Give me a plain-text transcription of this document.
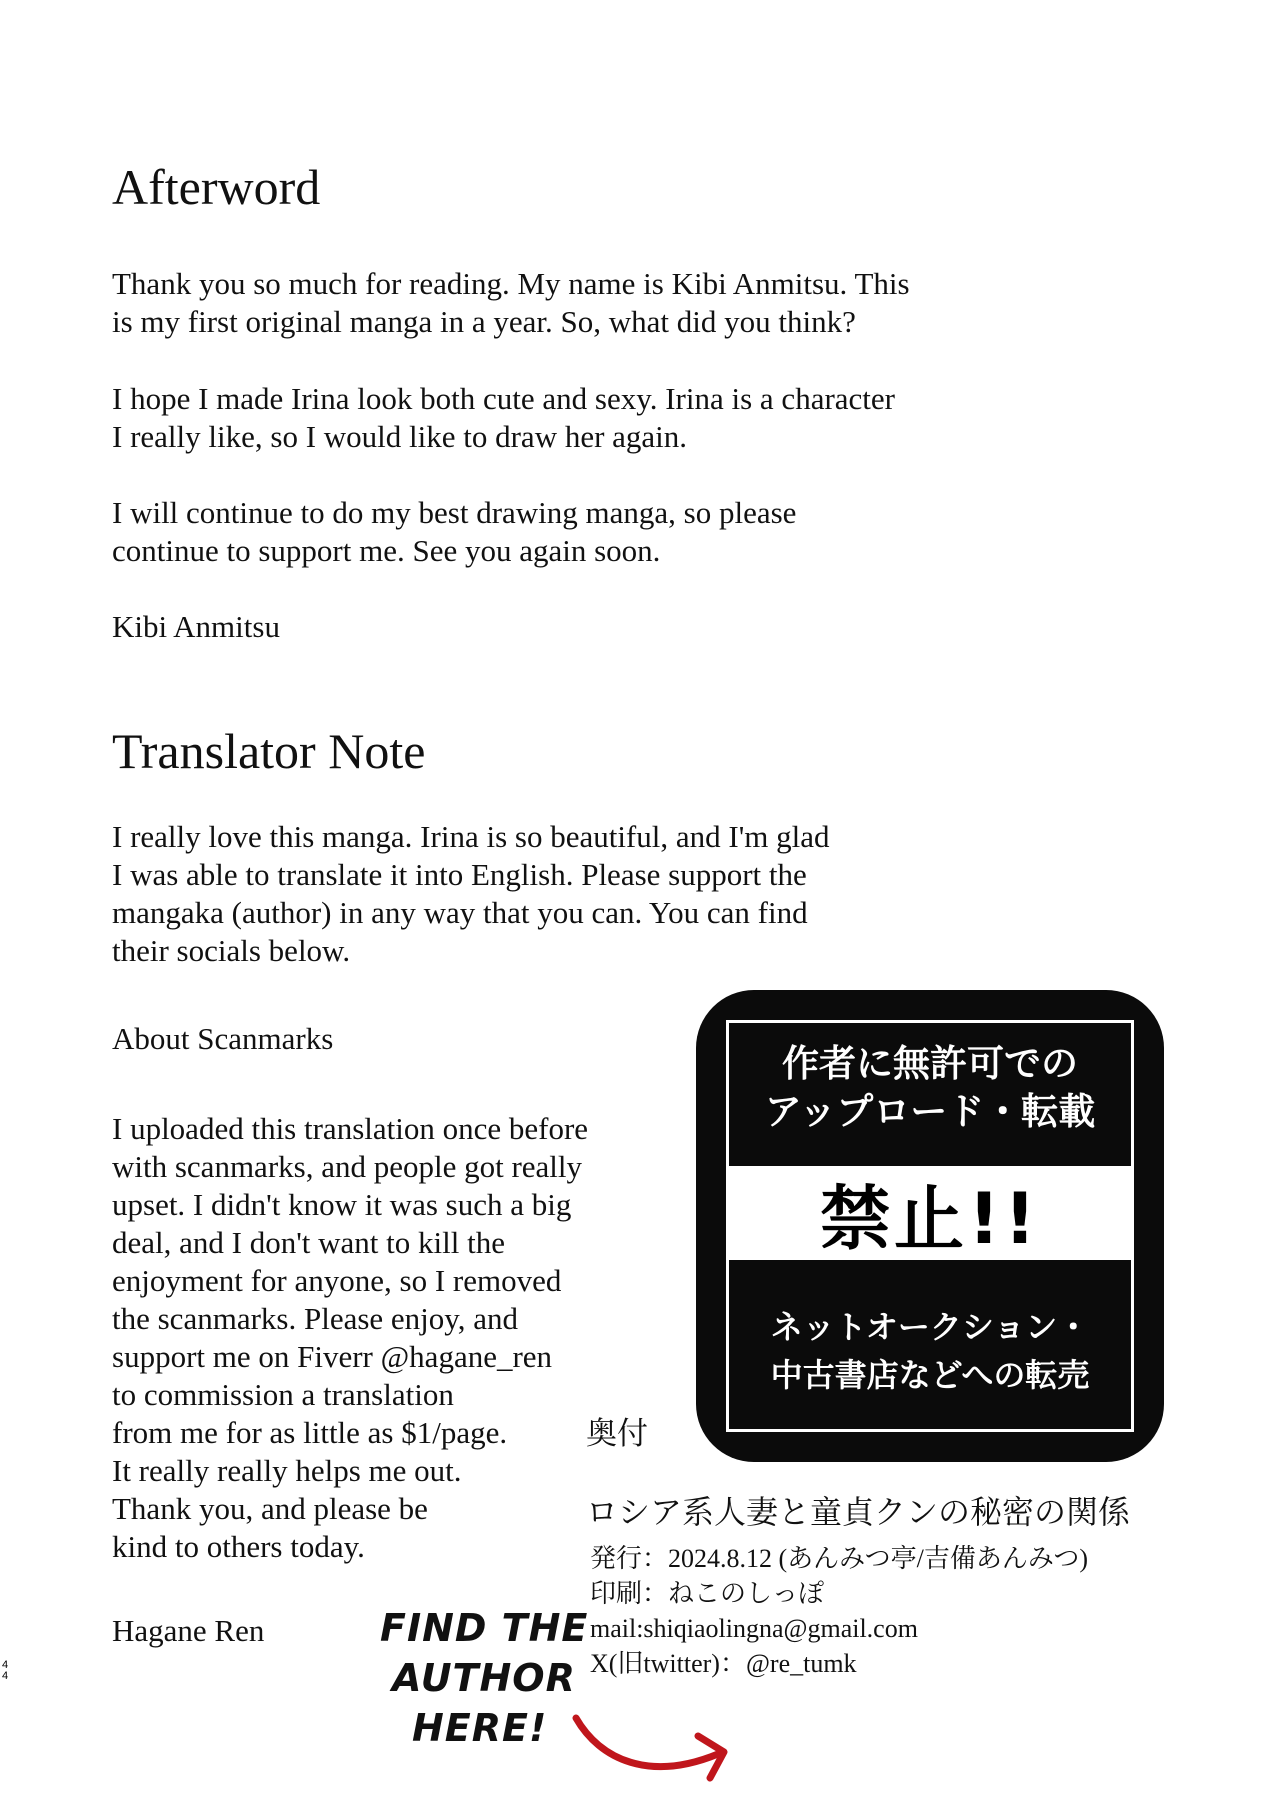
Afterword

Thank you so much for reading. My name is Kibi Anmitsu. This
is my first original manga in a year. So, what did you think?

I hope I made Irina look both cute and sexy. Irina is a character
I really like, so I would like to draw her again.

I will continue to do my best drawing manga, so please
continue to support me. See you again soon.

Kibi Anmitsu

Translator Note

I really love this manga. Irina is so beautiful, and I'm glad
I was able to translate it into English. Please support the
mangaka (author) in any way that you can. You can find
their socials below.

About Scanmarks

I uploaded this translation once before
with scanmarks, and people got really
upset. I didn't know it was such a big
deal, and I don't want to kill the
enjoyment for anyone, so I removed
the scanmarks. Please enjoy, and
support me on Fiverr @hagane_ren
to commission a translation
from me for as little as $1/page.
It really really helps me out.
Thank you, and please be
kind to others today.

Hagane Ren

作者に無許可での
アップロード・転載
禁止!!
ネットオークション・
中古書店などへの転売

奥付

ロシア系人妻と童貞クンの秘密の関係

発行：2024.8.12 (あんみつ亭/吉備あんみつ)

印刷：ねこのしっぽ

mail:shiqiaolingna@gmail.com

X(旧twitter)：@re_tumk

FIND THE
AUTHOR
HERE!
4
4
